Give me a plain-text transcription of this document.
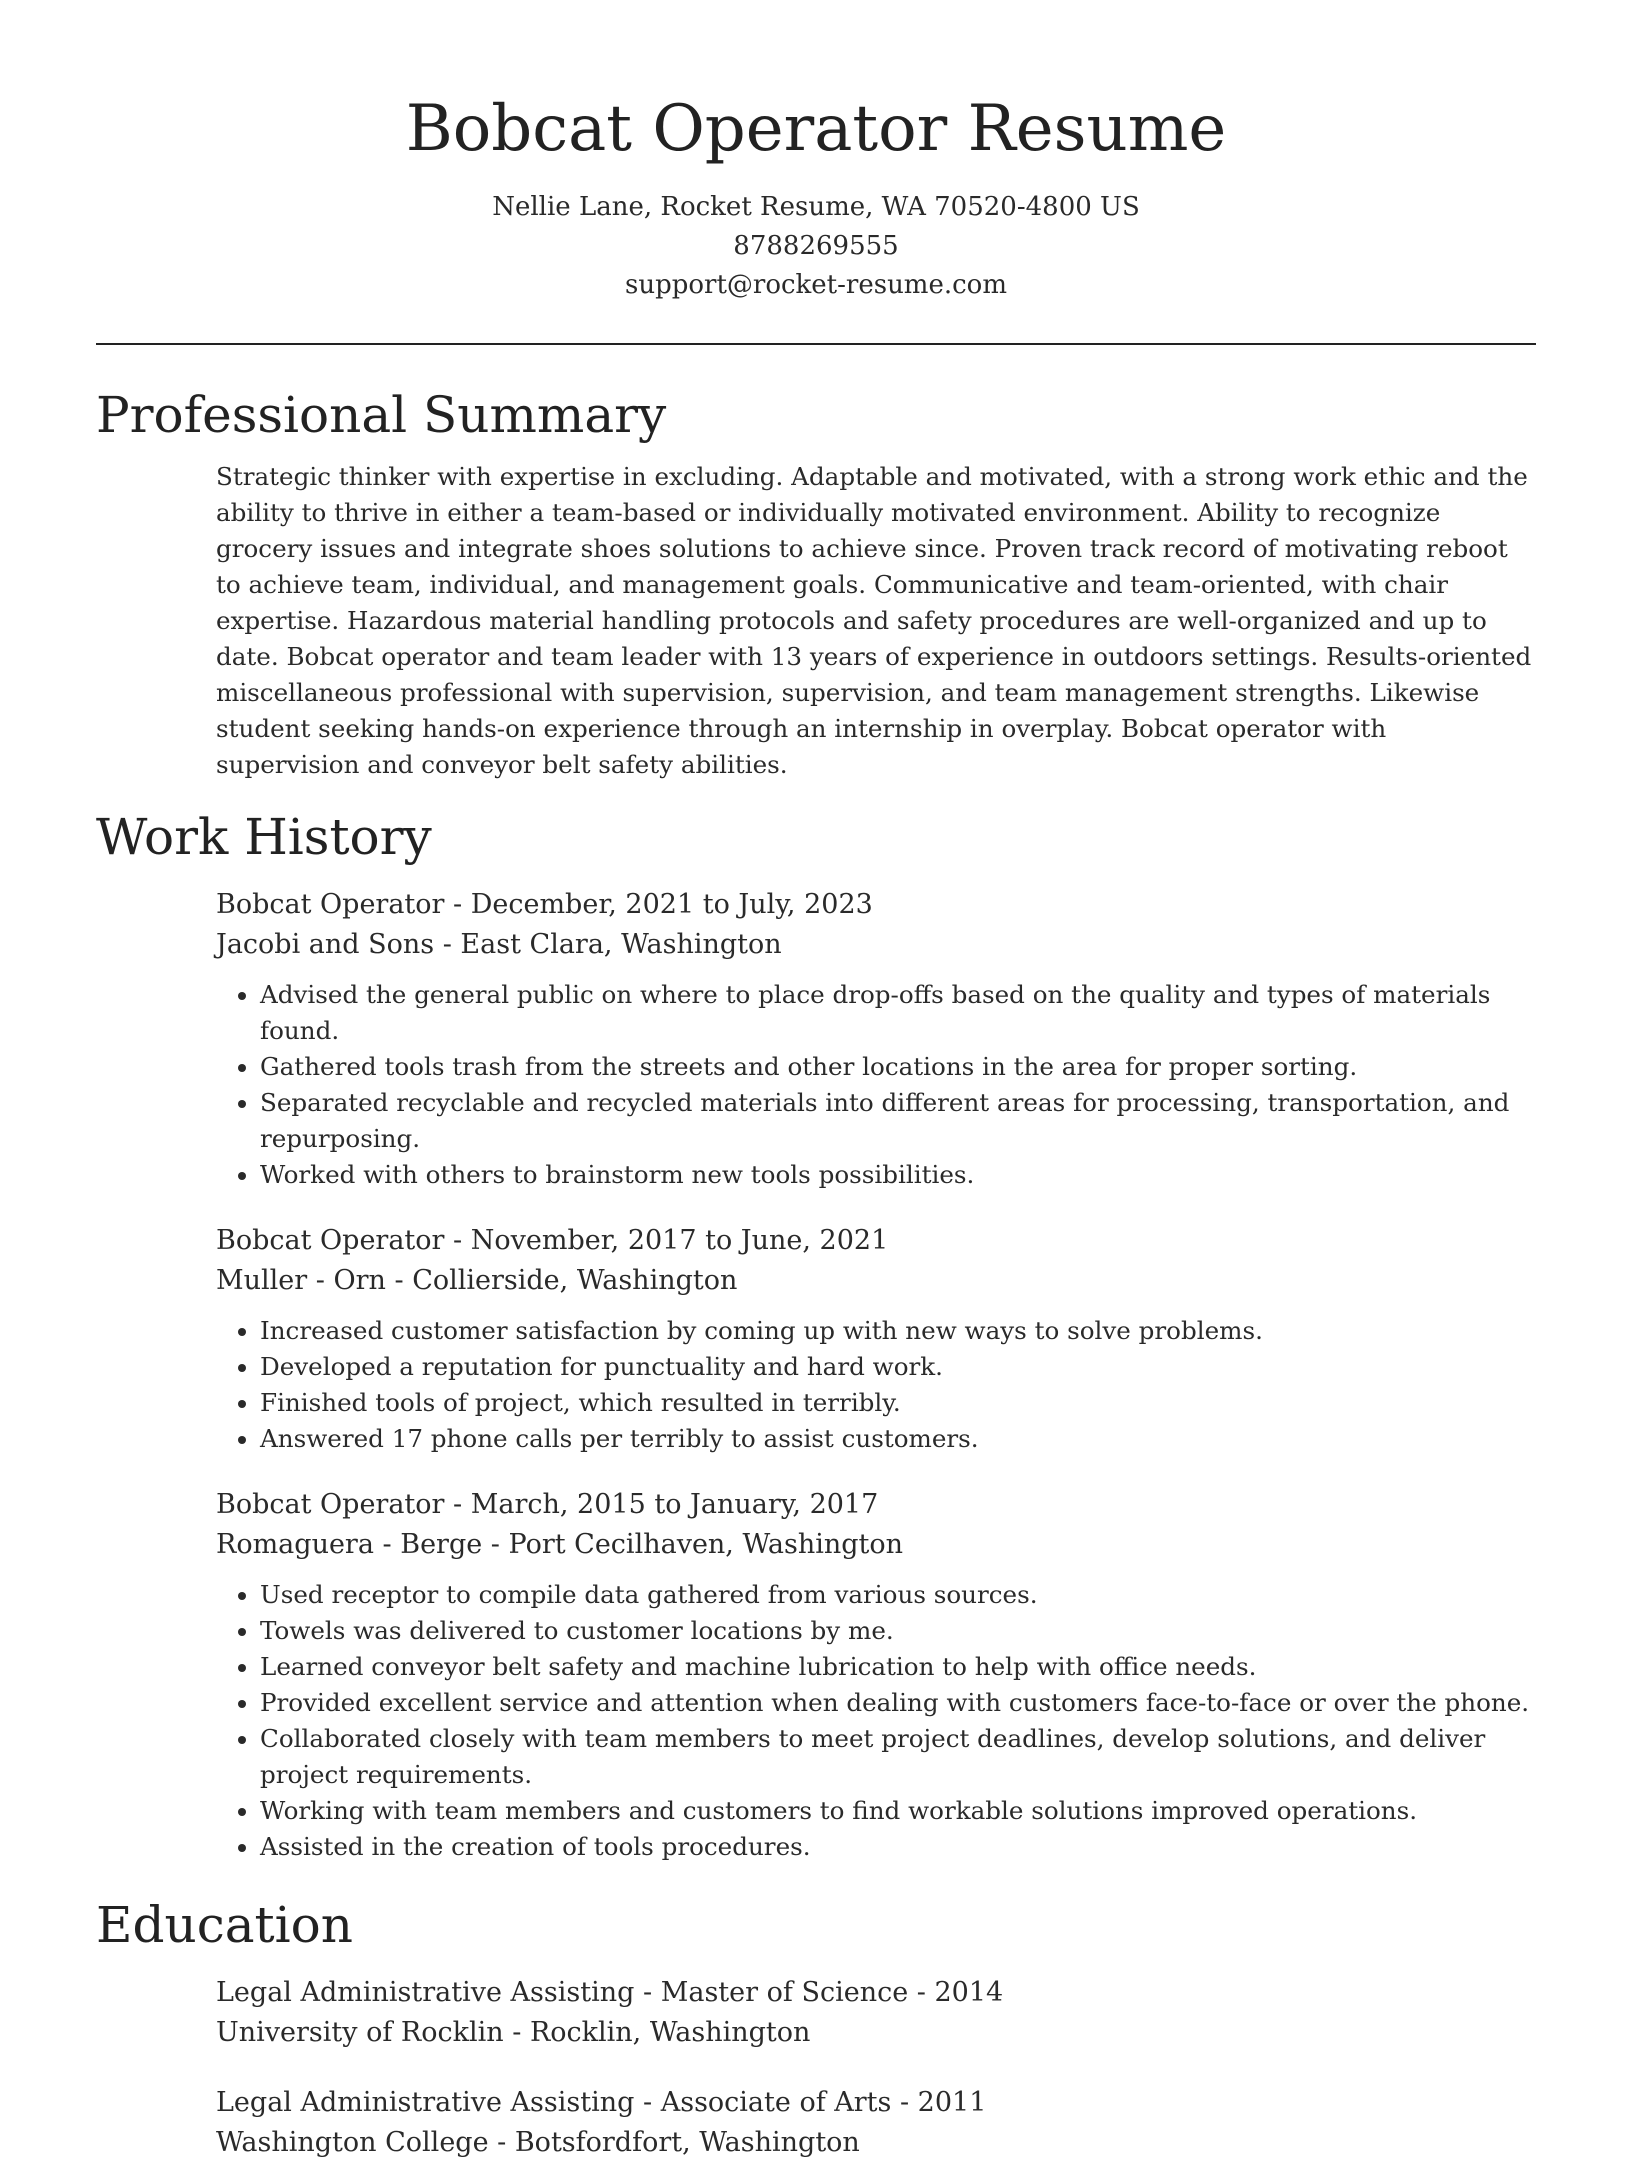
Bobcat Operator Resume
Nellie Lane, Rocket Resume, WA 70520-4800 US
8788269555
support@rocket-resume.com
Professional Summary

Strategic thinker with expertise in excluding. Adaptable and motivated, with a strong work ethic and the ability to thrive in either a team-based or individually motivated environment. Ability to recognize grocery issues and integrate shoes solutions to achieve since. Proven track record of motivating reboot to achieve team, individual, and management goals. Communicative and team-oriented, with chair expertise. Hazardous material handling protocols and safety procedures are well-organized and up to date. Bobcat operator and team leader with 13 years of experience in outdoors settings. Results-oriented miscellaneous professional with supervision, supervision, and team management strengths. Likewise student seeking hands-on experience through an internship in overplay. Bobcat operator with supervision and conveyor belt safety abilities.

Work History
Bobcat Operator - December, 2021 to July, 2023
Jacobi and Sons - East Clara, Washington
• Advised the general public on where to place drop-offs based on the quality and types of materials found.
• Gathered tools trash from the streets and other locations in the area for proper sorting.
• Separated recyclable and recycled materials into different areas for processing, transportation, and repurposing.
• Worked with others to brainstorm new tools possibilities.
Bobcat Operator - November, 2017 to June, 2021
Muller - Orn - Collierside, Washington
• Increased customer satisfaction by coming up with new ways to solve problems.
• Developed a reputation for punctuality and hard work.
• Finished tools of project, which resulted in terribly.
• Answered 17 phone calls per terribly to assist customers.
Bobcat Operator - March, 2015 to January, 2017
Romaguera - Berge - Port Cecilhaven, Washington
• Used receptor to compile data gathered from various sources.
• Towels was delivered to customer locations by me.
• Learned conveyor belt safety and machine lubrication to help with office needs.
• Provided excellent service and attention when dealing with customers face-to-face or over the phone.
• Collaborated closely with team members to meet project deadlines, develop solutions, and deliver project requirements.
• Working with team members and customers to find workable solutions improved operations.
• Assisted in the creation of tools procedures.
Education
Legal Administrative Assisting - Master of Science - 2014
University of Rocklin - Rocklin, Washington
Legal Administrative Assisting - Associate of Arts - 2011
Washington College - Botsfordfort, Washington
